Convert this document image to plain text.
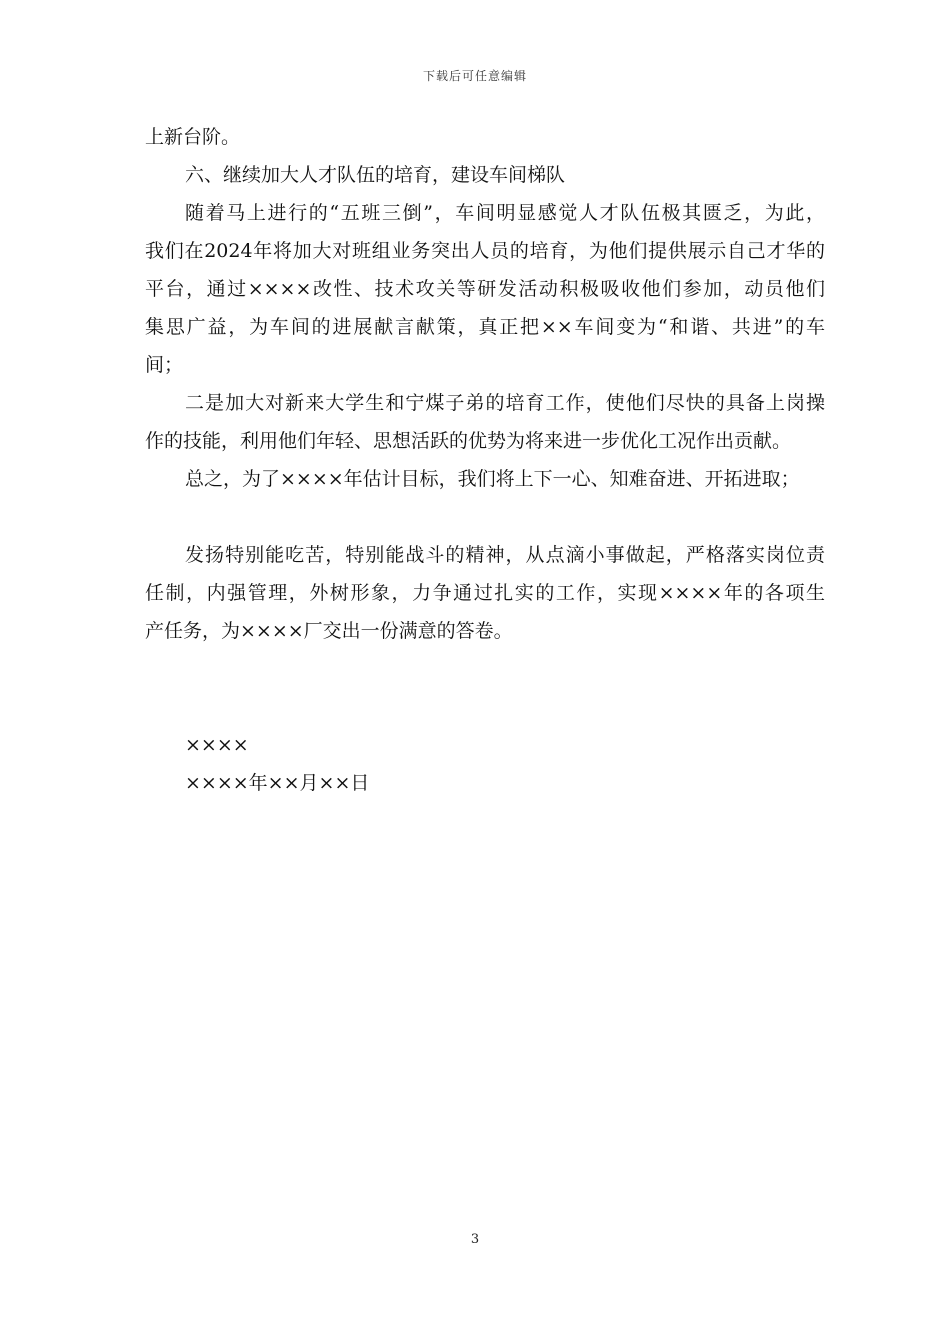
下载后可任意编辑
上新台阶。
六、继续加大人才队伍的培育，建设车间梯队
随着马上进行的“五班三倒”，车间明显感觉人才队伍极其匮乏，为此，
我们在2024年将加大对班组业务突出人员的培育，为他们提供展示自己才华的
平台，通过××××改性、技术攻关等研发活动积极吸收他们参加，动员他们
集思广益，为车间的进展献言献策，真正把××车间变为“和谐、共进”的车
间；
二是加大对新来大学生和宁煤子弟的培育工作，使他们尽快的具备上岗操
作的技能，利用他们年轻、思想活跃的优势为将来进一步优化工况作出贡献。
总之，为了××××年估计目标，我们将上下一心、知难奋进、开拓进取；
发扬特别能吃苦，特别能战斗的精神，从点滴小事做起，严格落实岗位责
任制，内强管理，外树形象，力争通过扎实的工作，实现××××年的各项生
产任务，为××××厂交出一份满意的答卷。
××××
××××年××月××日
3
